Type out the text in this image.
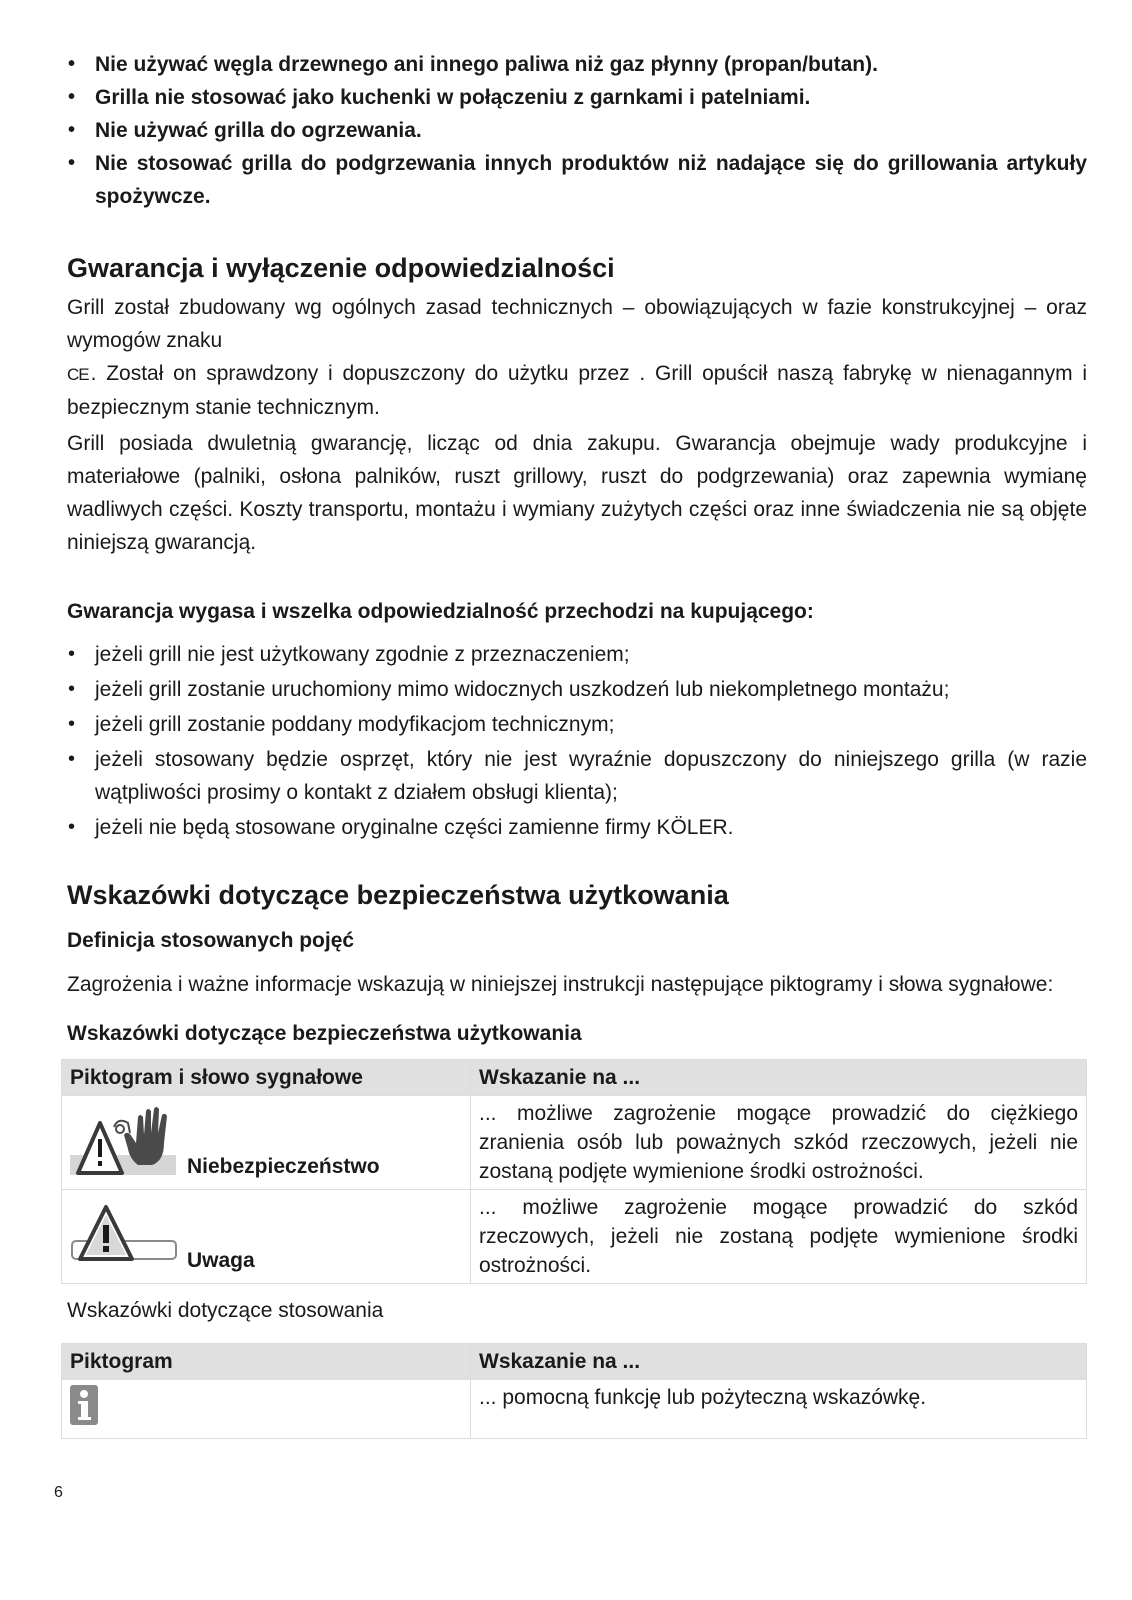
• Nie używać węgla drzewnego ani innego paliwa niż gaz płynny (propan/butan).
• Grilla nie stosować jako kuchenki w połączeniu z garnkami i patelniami.
• Nie używać grilla do ogrzewania.
• Nie stosować grilla do podgrzewania innych produktów niż nadające się do grillowania artykuły spożywcze.
Gwarancja i wyłączenie odpowiedzialności

Grill został zbudowany wg ogólnych zasad technicznych – obowiązujących w fazie konstrukcyjnej – oraz wymogów znaku

CE. Został on sprawdzony i dopuszczony do użytku przez . Grill opuścił naszą fabrykę w nienagannym i bezpiecznym stanie technicznym.

Grill posiada dwuletnią gwarancję, licząc od dnia zakupu. Gwarancja obejmuje wady produkcyjne i materiałowe (palniki, osłona palników, ruszt grillowy, ruszt do podgrzewania) oraz zapewnia wymianę wadliwych części. Koszty transportu, montażu i wymiany zużytych części oraz inne świadczenia nie są objęte niniejszą gwarancją.

Gwarancja wygasa i wszelka odpowiedzialność przechodzi na kupującego:
• jeżeli grill nie jest użytkowany zgodnie z przeznaczeniem;
• jeżeli grill zostanie uruchomiony mimo widocznych uszkodzeń lub niekompletnego montażu;
• jeżeli grill zostanie poddany modyfikacjom technicznym;
• jeżeli stosowany będzie osprzęt, który nie jest wyraźnie dopuszczony do niniejszego grilla (w razie wątpliwości prosimy o kontakt z działem obsługi klienta);
• jeżeli nie będą stosowane oryginalne części zamienne firmy KÖLER.
Wskazówki dotyczące bezpieczeństwa użytkowania
Definicja stosowanych pojęć

Zagrożenia i ważne informacje wskazują w niniejszej instrukcji następujące piktogramy i słowa sygnałowe:

Wskazówki dotyczące bezpieczeństwa użytkowania
Piktogram i słowo sygnałowe	Wskazanie na ...

Niebezpieczeństwo	... możliwe zagrożenie mogące prowadzić do ciężkiego zranienia osób lub poważnych szkód rzeczowych, jeżeli nie zostaną podjęte wymienione środki ostrożności.

Uwaga	... możliwe zagrożenie mogące prowadzić do szkód rzeczowych, jeżeli nie zostaną podjęte wymienione środki ostrożności.

Wskazówki dotyczące stosowania

Piktogram	Wskazanie na ...

	... pomocną funkcję lub pożyteczną wskazówkę.
6
